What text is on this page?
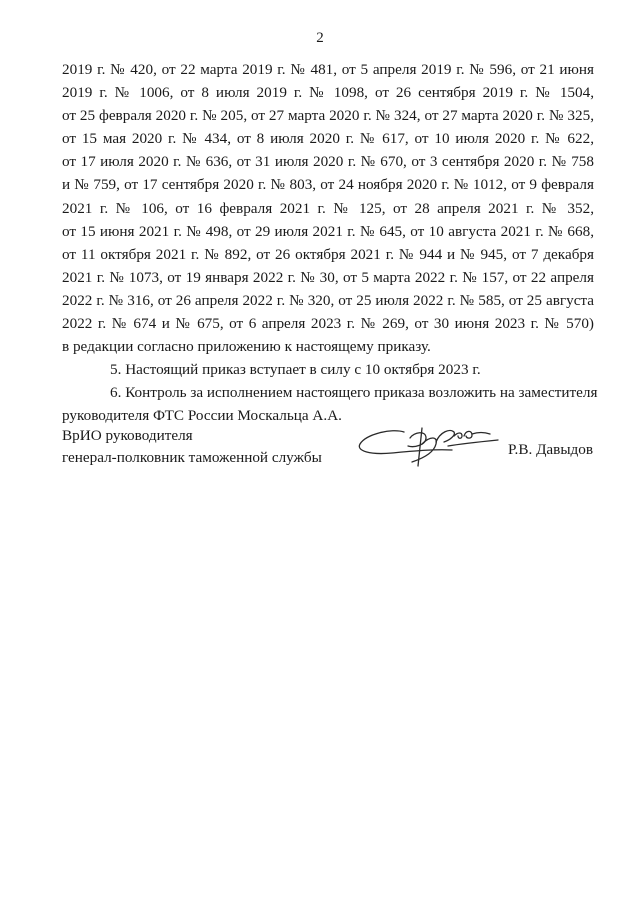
2
2019 г. № 420, от 22 марта 2019 г. № 481, от 5 апреля 2019 г. № 596, от 21 июня
2019 г. № 1006, от 8 июля 2019 г. № 1098, от 26 сентября 2019 г. № 1504,
от 25 февраля 2020 г. № 205, от 27 марта 2020 г. № 324, от 27 марта 2020 г. № 325,
от 15 мая 2020 г. № 434, от 8 июля 2020 г. № 617, от 10 июля 2020 г. № 622,
от 17 июля 2020 г. № 636, от 31 июля 2020 г. № 670, от 3 сентября 2020 г. № 758
и № 759, от 17 сентября 2020 г. № 803, от 24 ноября 2020 г. № 1012, от 9 февраля
2021 г. № 106, от 16 февраля 2021 г. № 125, от 28 апреля 2021 г. № 352,
от 15 июня 2021 г. № 498, от 29 июля 2021 г. № 645, от 10 августа 2021 г. № 668,
от 11 октября 2021 г. № 892, от 26 октября 2021 г. № 944 и № 945, от 7 декабря
2021 г. № 1073, от 19 января 2022 г. № 30, от 5 марта 2022 г. № 157, от 22 апреля
2022 г. № 316, от 26 апреля 2022 г. № 320, от 25 июля 2022 г. № 585, от 25 августа
2022 г. № 674 и № 675, от 6 апреля 2023 г. № 269, от 30 июня 2023 г. № 570)
в редакции согласно приложению к настоящему приказу.
5. Настоящий приказ вступает в силу с 10 октября 2023 г.
6. Контроль за исполнением настоящего приказа возложить на заместителя
руководителя ФТС России Москальца А.А.
ВрИО руководителя
генерал-полковник таможенной службы	Р.В. Давыдов
